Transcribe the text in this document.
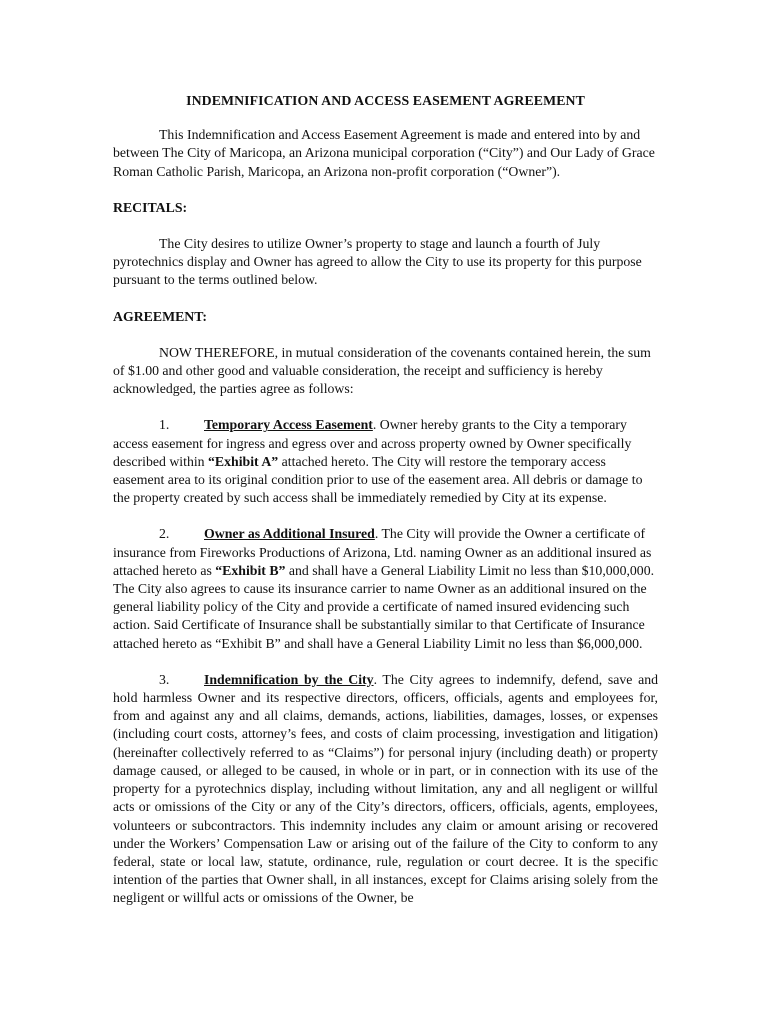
INDEMNIFICATION AND ACCESS EASEMENT AGREEMENT

This Indemnification and Access Easement Agreement is made and entered into by and between The City of Maricopa, an Arizona municipal corporation (“City”) and Our Lady of Grace Roman Catholic Parish, Maricopa, an Arizona non-profit corporation (“Owner”).

RECITALS:

The City desires to utilize Owner’s property to stage and launch a fourth of July pyrotechnics display and Owner has agreed to allow the City to use its property for this purpose pursuant to the terms outlined below.

AGREEMENT:

NOW THEREFORE, in mutual consideration of the covenants contained herein, the sum of $1.00 and other good and valuable consideration, the receipt and sufficiency is hereby acknowledged, the parties agree as follows:

1.	Temporary Access Easement. Owner hereby grants to the City a temporary access easement for ingress and egress over and across property owned by Owner specifically described within “Exhibit A” attached hereto. The City will restore the temporary access easement area to its original condition prior to use of the easement area. All debris or damage to the property created by such access shall be immediately remedied by City at its expense.

2.	Owner as Additional Insured. The City will provide the Owner a certificate of insurance from Fireworks Productions of Arizona, Ltd. naming Owner as an additional insured as attached hereto as “Exhibit B” and shall have a General Liability Limit no less than $10,000,000. The City also agrees to cause its insurance carrier to name Owner as an additional insured on the general liability policy of the City and provide a certificate of named insured evidencing such action. Said Certificate of Insurance shall be substantially similar to that Certificate of Insurance attached hereto as “Exhibit B” and shall have a General Liability Limit no less than $6,000,000.

3.	Indemnification by the City. The City agrees to indemnify, defend, save and hold harmless Owner and its respective directors, officers, officials, agents and employees for, from and against any and all claims, demands, actions, liabilities, damages, losses, or expenses (including court costs, attorney’s fees, and costs of claim processing, investigation and litigation) (hereinafter collectively referred to as “Claims”) for personal injury (including death) or property damage caused, or alleged to be caused, in whole or in part, or in connection with its use of the property for a pyrotechnics display, including without limitation, any and all negligent or willful acts or omissions of the City or any of the City’s directors, officers, officials, agents, employees, volunteers or subcontractors. This indemnity includes any claim or amount arising or recovered under the Workers’ Compensation Law or arising out of the failure of the City to conform to any federal, state or local law, statute, ordinance, rule, regulation or court decree. It is the specific intention of the parties that Owner shall, in all instances, except for Claims arising solely from the negligent or willful acts or omissions of the Owner, be
